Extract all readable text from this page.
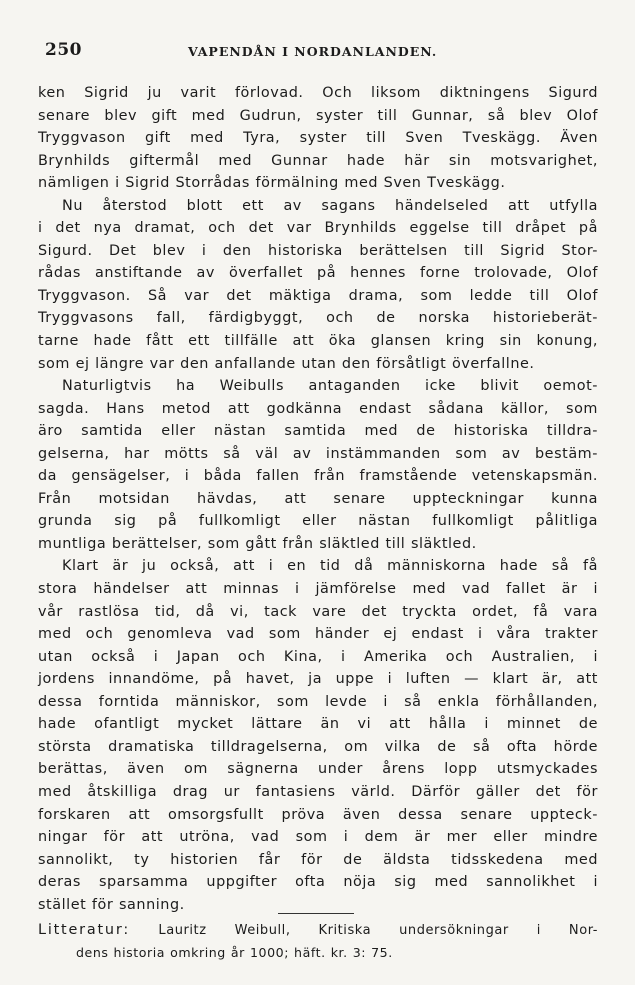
250	VAPENDÅN I NORDANLANDEN.
ken Sigrid ju varit förlovad. Och liksom diktningens Sigurd
senare blev gift med Gudrun, syster till Gunnar, så blev Olof
Tryggvason gift med Tyra, syster till Sven Tveskägg. Även
Brynhilds giftermål med Gunnar hade här sin motsvarighet,
nämligen i Sigrid Storrådas förmälning med Sven Tveskägg.
Nu återstod blott ett av sagans händelseled att utfylla
i det nya dramat, och det var Brynhilds eggelse till dråpet på
Sigurd. Det blev i den historiska berättelsen till Sigrid Stor-
rådas anstiftande av överfallet på hennes forne trolovade, Olof
Tryggvason. Så var det mäktiga drama, som ledde till Olof
Tryggvasons fall, färdigbyggt, och de norska historieberät-
tarne hade fått ett tillfälle att öka glansen kring sin konung,
som ej längre var den anfallande utan den försåtligt överfallne.
Naturligtvis ha Weibulls antaganden icke blivit oemot-
sagda. Hans metod att godkänna endast sådana källor, som
äro samtida eller nästan samtida med de historiska tilldra-
gelserna, har mötts så väl av instämmanden som av bestäm-
da gensägelser, i båda fallen från framstående vetenskapsmän.
Från motsidan hävdas, att senare uppteckningar kunna
grunda sig på fullkomligt eller nästan fullkomligt pålitliga
muntliga berättelser, som gått från släktled till släktled.
Klart är ju också, att i en tid då människorna hade så få
stora händelser att minnas i jämförelse med vad fallet är i
vår rastlösa tid, då vi, tack vare det tryckta ordet, få vara
med och genomleva vad som händer ej endast i våra trakter
utan också i Japan och Kina, i Amerika och Australien, i
jordens innandöme, på havet, ja uppe i luften — klart är, att
dessa forntida människor, som levde i så enkla förhållanden,
hade ofantligt mycket lättare än vi att hålla i minnet de
största dramatiska tilldragelserna, om vilka de så ofta hörde
berättas, även om sägnerna under årens lopp utsmyckades
med åtskilliga drag ur fantasiens värld. Därför gäller det för
forskaren att omsorgsfullt pröva även dessa senare uppteck-
ningar för att utröna, vad som i dem är mer eller mindre
sannolikt, ty historien får för de äldsta tidsskedena med
deras sparsamma uppgifter ofta nöja sig med sannolikhet i
stället för sanning.
Litteratur: Lauritz Weibull, Kritiska undersökningar i Nor-
dens historia omkring år 1000; häft. kr. 3: 75.
